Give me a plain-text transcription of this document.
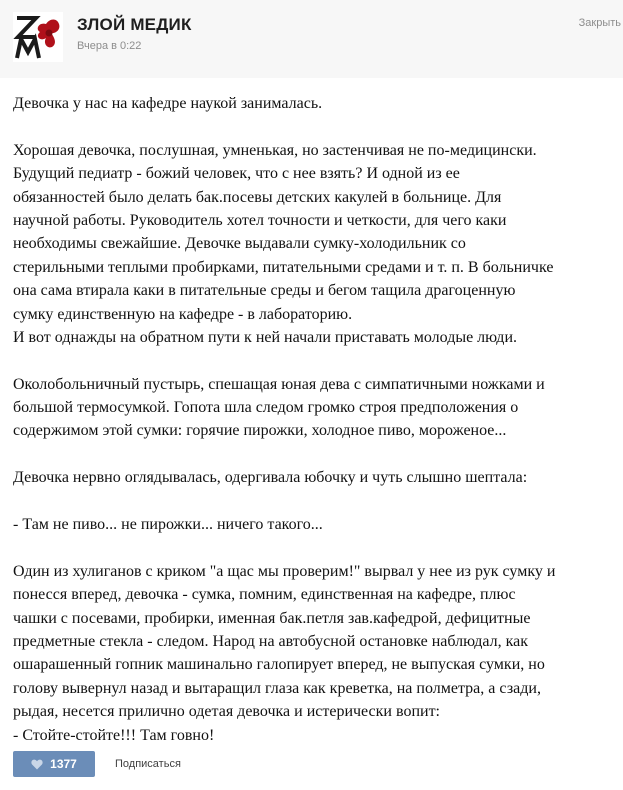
ЗЛОЙ МЕДИК
Вчера в 0:22
Закрыть
Девочка у нас на кафедре наукой занималась.
Хорошая девочка, послушная, умненькая, но застенчивая не по-медицински.
Будущий педиатр - божий человек, что с нее взять? И одной из ее
обязанностей было делать бак.посевы детских какулей в больнице. Для
научной работы. Руководитель хотел точности и четкости, для чего каки
необходимы свежайшие. Девочке выдавали сумку-холодильник со
стерильными теплыми пробирками, питательными средами и т. п. В больничке
она сама втирала каки в питательные среды и бегом тащила драгоценную
сумку единственную на кафедре - в лабораторию.
И вот однажды на обратном пути к ней начали приставать молодые люди.
Околобольничный пустырь, спешащая юная дева с симпатичными ножками и
большой термосумкой. Гопота шла следом громко строя предположения о
содержимом этой сумки: горячие пирожки, холодное пиво, мороженое...
Девочка нервно оглядывалась, одергивала юбочку и чуть слышно шептала:
- Там не пиво... не пирожки... ничего такого...
Один из хулиганов с криком "а щас мы проверим!" вырвал у нее из рук сумку и
понесся вперед, девочка - сумка, помним, единственная на кафедре, плюс
чашки с посевами, пробирки, именная бак.петля зав.кафедрой, дефицитные
предметные стекла - следом. Народ на автобусной остановке наблюдал, как
ошарашенный гопник машинально галопирует вперед, не выпуская сумки, но
голову вывернул назад и вытаращил глаза как креветка, на полметра, а сзади,
рыдая, несется прилично одетая девочка и истерически вопит:
- Стойте-стойте!!! Там говно!
1377	Подписаться
